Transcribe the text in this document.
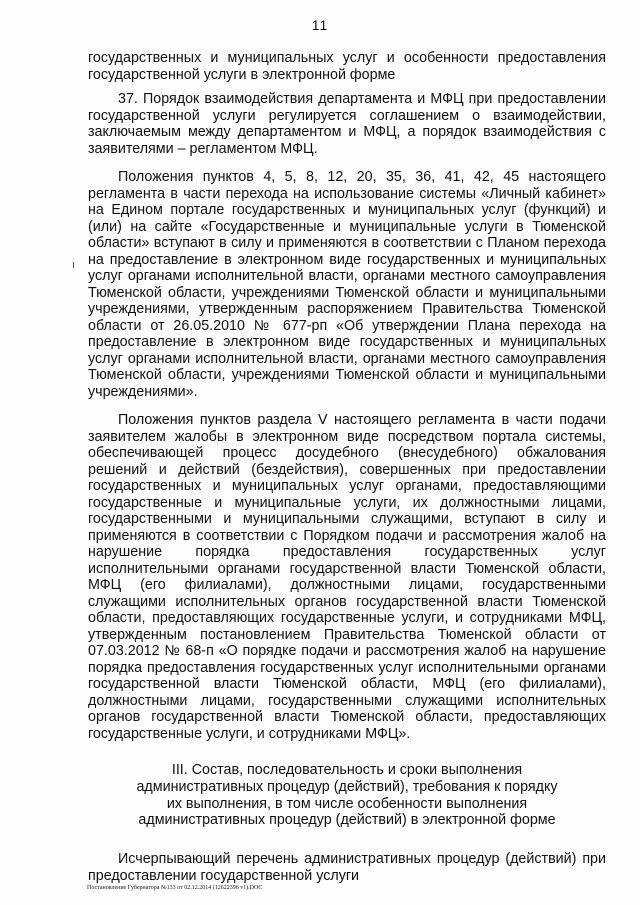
11

государственных и муниципальных услуг и особенности предоставления государственной услуги в электронной форме

37. Порядок взаимодействия департамента и МФЦ при предоставлении государственной услуги регулируется соглашением о взаимодействии, заключаемым между департаментом и МФЦ, а порядок взаимодействия с заявителями – регламентом МФЦ.

Положения пунктов 4, 5, 8, 12, 20, 35, 36, 41, 42, 45 настоящего регламента в части перехода на использование системы «Личный кабинет» на Едином портале государственных и муниципальных услуг (функций) и (или) на сайте «Государственные и муниципальные услуги в Тюменской области» вступают в силу и применяются в соответствии с Планом перехода на предоставление в электронном виде государственных и муниципальных услуг органами исполнительной власти, органами местного самоуправления Тюменской области, учреждениями Тюменской области и муниципальными учреждениями, утвержденным распоряжением Правительства Тюменской области от 26.05.2010 № 677-рп «Об утверждении Плана перехода на предоставление в электронном виде государственных и муниципальных услуг органами исполнительной власти, органами местного самоуправления Тюменской области, учреждениями Тюменской области и муниципальными учреждениями».

Положения пунктов раздела V настоящего регламента в части подачи заявителем жалобы в электронном виде посредством портала системы, обеспечивающей процесс досудебного (внесудебного) обжалования решений и действий (бездействия), совершенных при предоставлении государственных и муниципальных услуг органами, предоставляющими государственные и муниципальные услуги, их должностными лицами, государственными и муниципальными служащими, вступают в силу и применяются в соответствии с Порядком подачи и рассмотрения жалоб на нарушение порядка предоставления государственных услуг исполнительными органами государственной власти Тюменской области, МФЦ (его филиалами), должностными лицами, государственными служащими исполнительных органов государственной власти Тюменской области, предоставляющих государственные услуги, и сотрудниками МФЦ, утвержденным постановлением Правительства Тюменской области от 07.03.2012 № 68-п «О порядке подачи и рассмотрения жалоб на нарушение порядка предоставления государственных услуг исполнительными органами государственной власти Тюменской области, МФЦ (его филиалами), должностными лицами, государственными служащими исполнительных органов государственной власти Тюменской области, предоставляющих государственные услуги, и сотрудниками МФЦ».

III. Состав, последовательность и сроки выполнения
административных процедур (действий), требования к порядку
их выполнения, в том числе особенности выполнения
административных процедур (действий) в электронной форме

Исчерпывающий перечень административных процедур (действий) при предоставлении государственной услуги

Постановление Губернатора №133 от 02.12.2014 (12622396 v1).DOC
